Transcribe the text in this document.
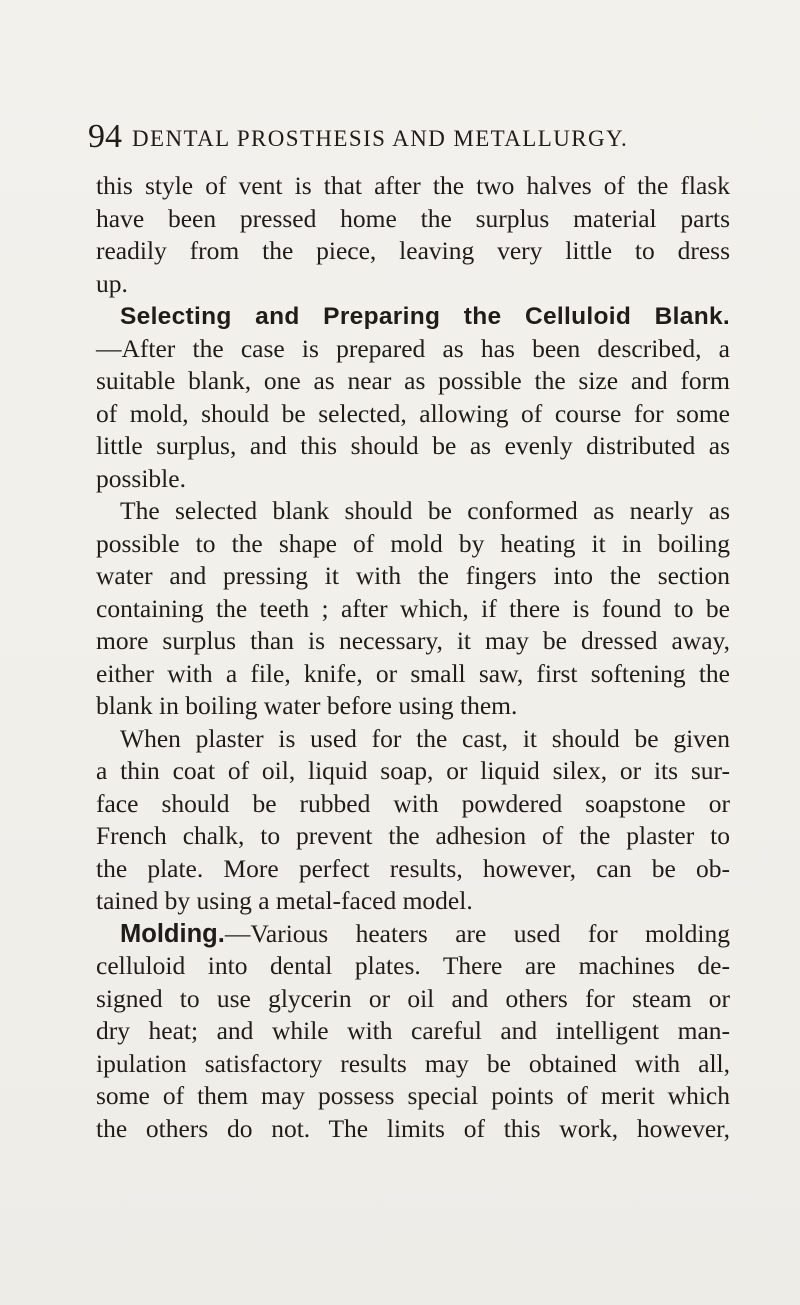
94 DENTAL PROSTHESIS AND METALLURGY.
this style of vent is that after the two halves of the flask
have been pressed home the surplus material parts
readily from the piece, leaving very little to dress
up.
Selecting and Preparing the Celluloid Blank.
—After the case is prepared as has been described, a
suitable blank, one as near as possible the size and form
of mold, should be selected, allowing of course for some
little surplus, and this should be as evenly distributed as
possible.
The selected blank should be conformed as nearly as
possible to the shape of mold by heating it in boiling
water and pressing it with the fingers into the section
containing the teeth ; after which, if there is found to be
more surplus than is necessary, it may be dressed away,
either with a file, knife, or small saw, first softening the
blank in boiling water before using them.
When plaster is used for the cast, it should be given
a thin coat of oil, liquid soap, or liquid silex, or its sur-
face should be rubbed with powdered soapstone or
French chalk, to prevent the adhesion of the plaster to
the plate. More perfect results, however, can be ob-
tained by using a metal-faced model.
Molding.—Various heaters are used for molding
celluloid into dental plates. There are machines de-
signed to use glycerin or oil and others for steam or
dry heat; and while with careful and intelligent man-
ipulation satisfactory results may be obtained with all,
some of them may possess special points of merit which
the others do not. The limits of this work, however,
